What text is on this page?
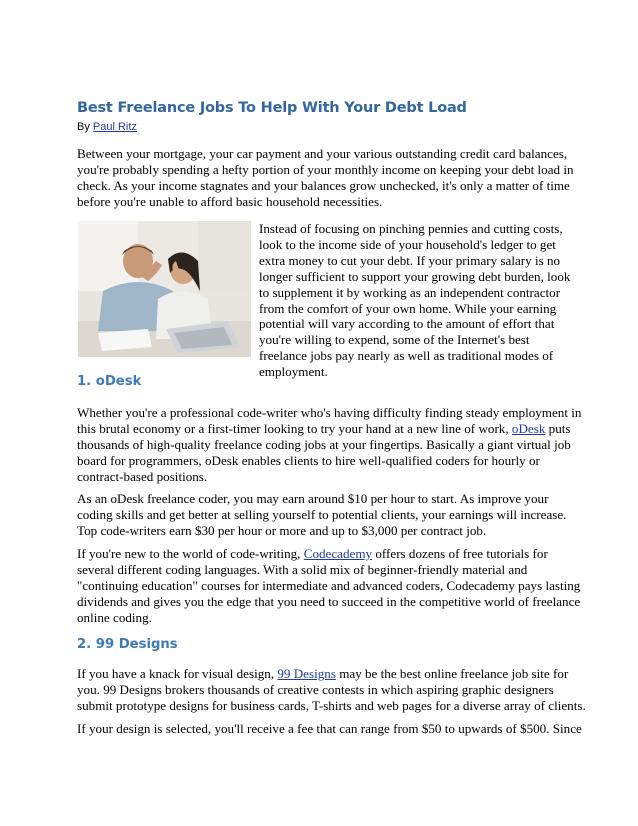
Best Freelance Jobs To Help With Your Debt Load
By Paul Ritz

Between your mortgage, your car payment and your various outstanding credit card balances,
you're probably spending a hefty portion of your monthly income on keeping your debt load in
check. As your income stagnates and your balances grow unchecked, it's only a matter of time
before you're unable to afford basic household necessities.

Instead of focusing on pinching pennies and cutting costs,
look to the income side of your household's ledger to get
extra money to cut your debt. If your primary salary is no
longer sufficient to support your growing debt burden, look
to supplement it by working as an independent contractor
from the comfort of your own home. While your earning
potential will vary according to the amount of effort that
you're willing to expend, some of the Internet's best
freelance jobs pay nearly as well as traditional modes of
employment.

1. oDesk

Whether you're a professional code-writer who's having difficulty finding steady employment in
this brutal economy or a first-timer looking to try your hand at a new line of work, oDesk puts
thousands of high-quality freelance coding jobs at your fingertips. Basically a giant virtual job
board for programmers, oDesk enables clients to hire well-qualified coders for hourly or
contract-based positions.

As an oDesk freelance coder, you may earn around $10 per hour to start. As improve your
coding skills and get better at selling yourself to potential clients, your earnings will increase.
Top code-writers earn $30 per hour or more and up to $3,000 per contract job.

If you're new to the world of code-writing, Codecademy offers dozens of free tutorials for
several different coding languages. With a solid mix of beginner-friendly material and
"continuing education" courses for intermediate and advanced coders, Codecademy pays lasting
dividends and gives you the edge that you need to succeed in the competitive world of freelance
online coding.

2. 99 Designs

If you have a knack for visual design, 99 Designs may be the best online freelance job site for
you. 99 Designs brokers thousands of creative contests in which aspiring graphic designers
submit prototype designs for business cards, T-shirts and web pages for a diverse array of clients.

If your design is selected, you'll receive a fee that can range from $50 to upwards of $500. Since
